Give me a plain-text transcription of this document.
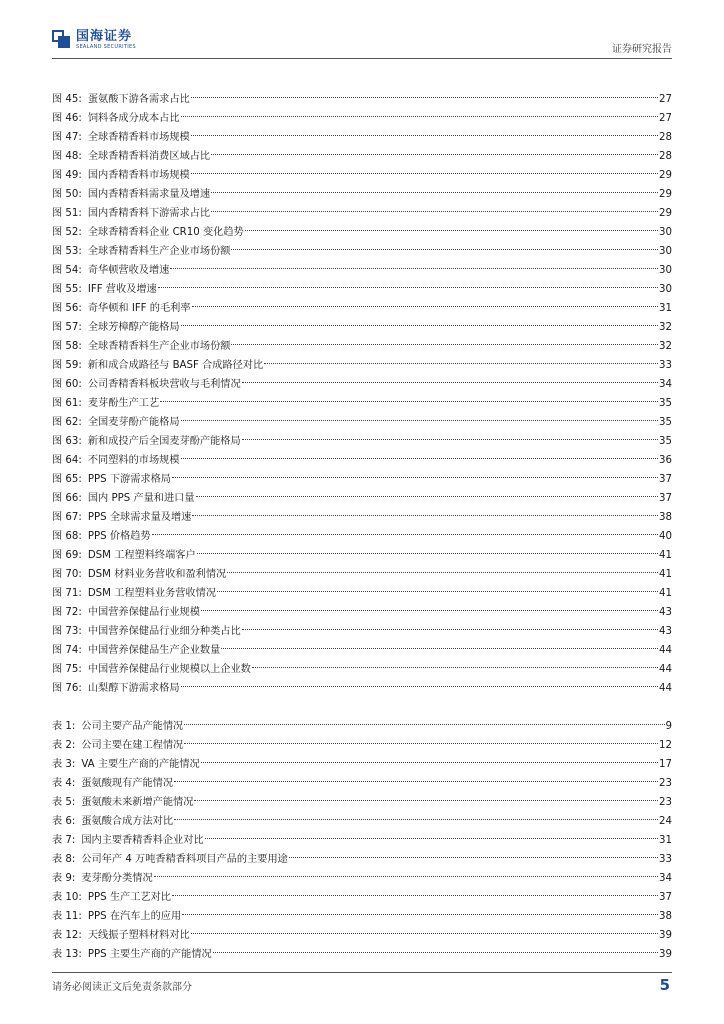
国海证券
SEALAND SECURITIES	证券研究报告
图 45: 蛋氨酸下游各需求占比	27
图 46: 饲料各成分成本占比	27
图 47: 全球香精香料市场规模	28
图 48: 全球香精香料消费区域占比	28
图 49: 国内香精香料市场规模	29
图 50: 国内香精香料需求量及增速	29
图 51: 国内香精香料下游需求占比	29
图 52: 全球香精香料企业 CR10 变化趋势	30
图 53: 全球香精香料生产企业市场份额	30
图 54: 奇华顿营收及增速	30
图 55: IFF 营收及增速	30
图 56: 奇华顿和 IFF 的毛利率	31
图 57: 全球芳樟醇产能格局	32
图 58: 全球香精香料生产企业市场份额	32
图 59: 新和成合成路径与 BASF 合成路径对比	33
图 60: 公司香精香料板块营收与毛利情况	34
图 61: 麦芽酚生产工艺	35
图 62: 全国麦芽酚产能格局	35
图 63: 新和成投产后全国麦芽酚产能格局	35
图 64: 不同塑料的市场规模	36
图 65: PPS 下游需求格局	37
图 66: 国内 PPS 产量和进口量	37
图 67: PPS 全球需求量及增速	38
图 68: PPS 价格趋势	40
图 69: DSM 工程塑料终端客户	41
图 70: DSM 材料业务营收和盈利情况	41
图 71: DSM 工程塑料业务营收情况	41
图 72: 中国营养保健品行业规模	43
图 73: 中国营养保健品行业细分种类占比	43
图 74: 中国营养保健品生产企业数量	44
图 75: 中国营养保健品行业规模以上企业数	44
图 76: 山梨醇下游需求格局	44
表 1: 公司主要产品产能情况	9
表 2: 公司主要在建工程情况	12
表 3: VA 主要生产商的产能情况	17
表 4: 蛋氨酸现有产能情况	23
表 5: 蛋氨酸未来新增产能情况	23
表 6: 蛋氨酸合成方法对比	24
表 7: 国内主要香精香料企业对比	31
表 8: 公司年产 4 万吨香精香料项目产品的主要用途	33
表 9: 麦芽酚分类情况	34
表 10: PPS 生产工艺对比	37
表 11: PPS 在汽车上的应用	38
表 12: 天线振子塑料材料对比	39
表 13: PPS 主要生产商的产能情况	39
请务必阅读正文后免责条款部分	5
